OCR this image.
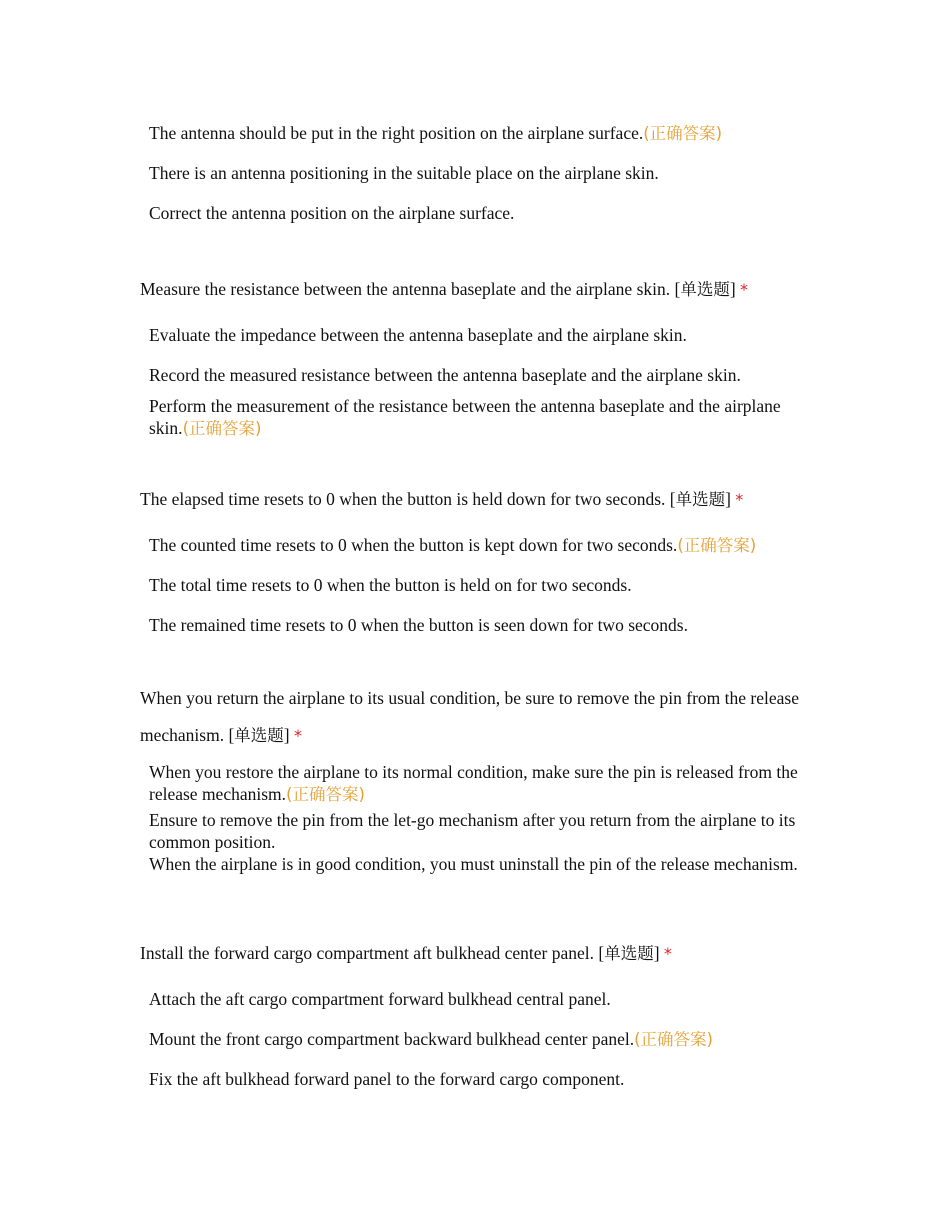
The antenna should be put in the right position on the airplane surface.(正确答案)
There is an antenna positioning in the suitable place on the airplane skin.
Correct the antenna position on the airplane surface.
Measure the resistance between the antenna baseplate and the airplane skin. [单选题] *
Evaluate the impedance between the antenna baseplate and the airplane skin.
Record the measured resistance between the antenna baseplate and the airplane skin.
Perform the measurement of the resistance between the antenna baseplate and the airplane skin.(正确答案)
The elapsed time resets to 0 when the button is held down for two seconds. [单选题] *
The counted time resets to 0 when the button is kept down for two seconds.(正确答案)
The total time resets to 0 when the button is held on for two seconds.
The remained time resets to 0 when the button is seen down for two seconds.
When you return the airplane to its usual condition, be sure to remove the pin from the release mechanism. [单选题] *
When you restore the airplane to its normal condition, make sure the pin is released from the release mechanism.(正确答案)
Ensure to remove the pin from the let-go mechanism after you return from the airplane to its common position.
When the airplane is in good condition, you must uninstall the pin of the release mechanism.
Install the forward cargo compartment aft bulkhead center panel. [单选题] *
Attach the aft cargo compartment forward bulkhead central panel.
Mount the front cargo compartment backward bulkhead center panel.(正确答案)
Fix the aft bulkhead forward panel to the forward cargo component.
